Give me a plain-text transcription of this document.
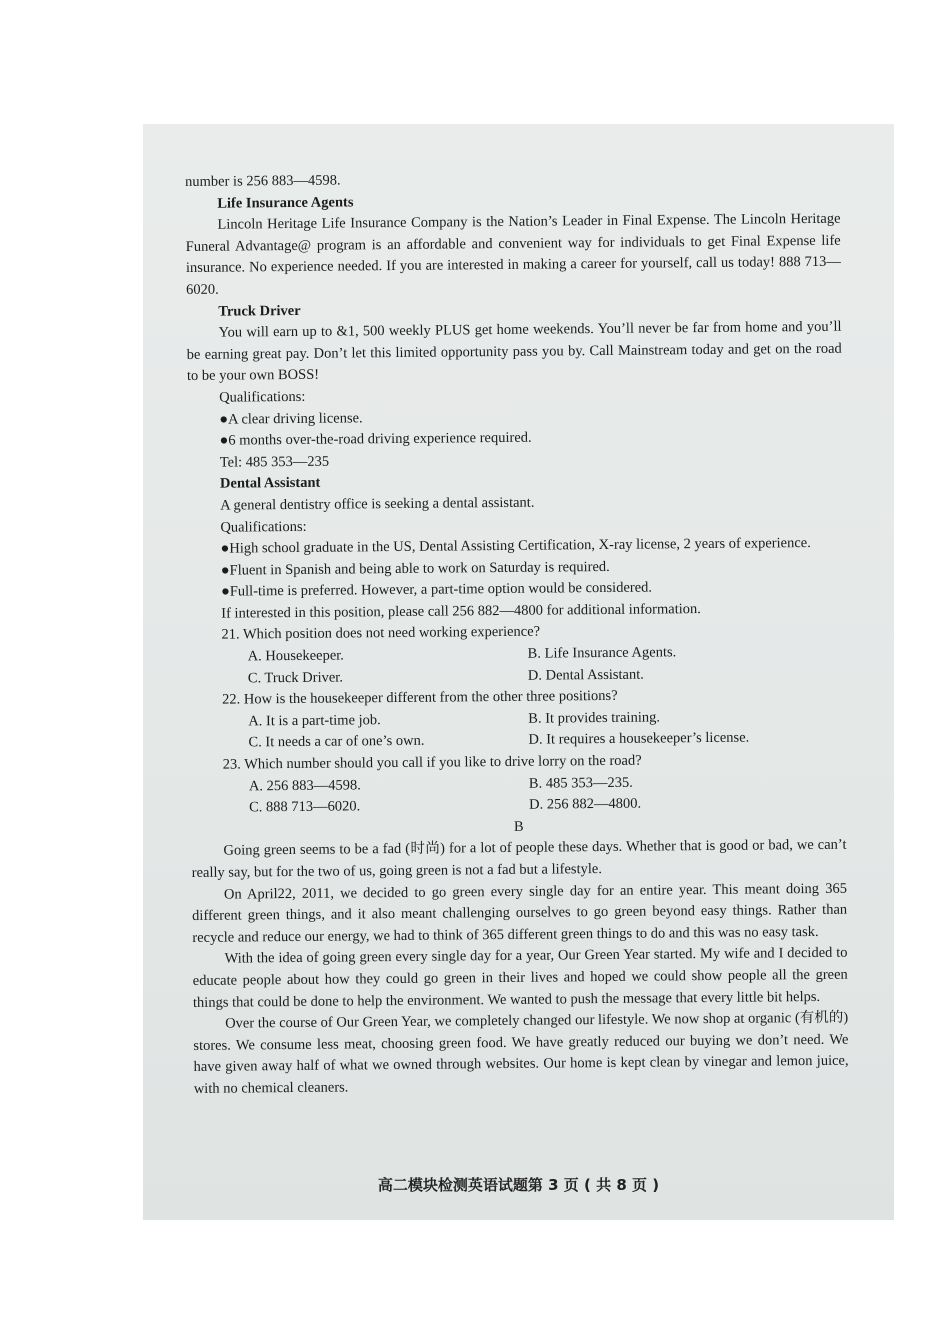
number is 256 883—4598.

Life Insurance Agents

Lincoln Heritage Life Insurance Company is the Nation’s Leader in Final Expense. The Lincoln Heritage Funeral Advantage@ program is an affordable and convenient way for individuals to get Final Expense life insurance. No experience needed. If you are interested in making a career for yourself, call us today! 888 713—6020.

Truck Driver

You will earn up to &1, 500 weekly PLUS get home weekends. You’ll never be far from home and you’ll be earning great pay. Don’t let this limited opportunity pass you by. Call Mainstream today and get on the road to be your own BOSS!

Qualifications:

●A clear driving license.

●6 months over-the-road driving experience required.

Tel: 485 353—235

Dental Assistant

A general dentistry office is seeking a dental assistant.

Qualifications:

●High school graduate in the US, Dental Assisting Certification, X-ray license, 2 years of experience.

●Fluent in Spanish and being able to work on Saturday is required.

●Full-time is preferred. However, a part-time option would be considered.

If interested in this position, please call 256 882—4800 for additional information.

21. Which position does not need working experience?

A. Housekeeper.	B. Life Insurance Agents.
C. Truck Driver.	D. Dental Assistant.

22. How is the housekeeper different from the other three positions?

A. It is a part-time job.	B. It provides training.
C. It needs a car of one’s own.	D. It requires a housekeeper’s license.

23. Which number should you call if you like to drive lorry on the road?

A. 256 883—4598.	B. 485 353—235.
C. 888 713—6020.	D. 256 882—4800.

B

Going green seems to be a fad (时尚) for a lot of people these days. Whether that is good or bad, we can’t really say, but for the two of us, going green is not a fad but a lifestyle.

On April22, 2011, we decided to go green every single day for an entire year. This meant doing 365 different green things, and it also meant challenging ourselves to go green beyond easy things. Rather than recycle and reduce our energy, we had to think of 365 different green things to do and this was no easy task.

With the idea of going green every single day for a year, Our Green Year started. My wife and I decided to educate people about how they could go green in their lives and hoped we could show people all the green things that could be done to help the environment. We wanted to push the message that every little bit helps.

Over the course of Our Green Year, we completely changed our lifestyle. We now shop at organic (有机的) stores. We consume less meat, choosing green food. We have greatly reduced our buying we don’t need. We have given away half of what we owned through websites. Our home is kept clean by vinegar and lemon juice, with no chemical cleaners.

高二模块检测英语试题第 3 页 ( 共 8 页 )
